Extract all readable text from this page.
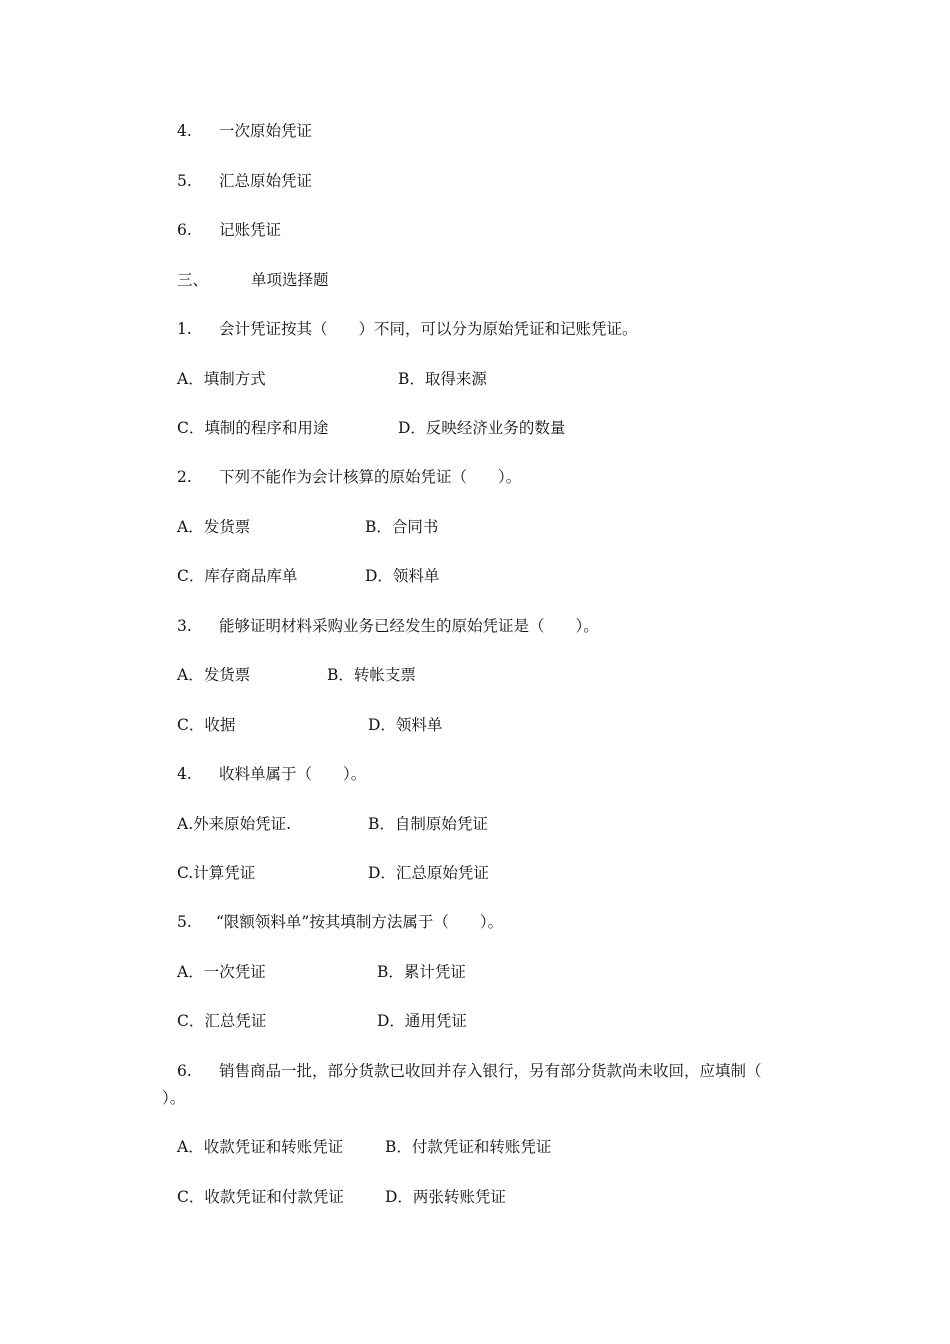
4. 一次原始凭证
5. 汇总原始凭证
6. 记账凭证
三、	单项选择题
1. 会计凭证按其（　　）不同，可以分为原始凭证和记账凭证。
A．填制方式	B．取得来源
C．填制的程序和用途	D．反映经济业务的数量
2. 下列不能作为会计核算的原始凭证（　　）。
A．发货票	B．合同书
C．库存商品库单	D．领料单
3. 能够证明材料采购业务已经发生的原始凭证是（　　）。
A．发货票	B．转帐支票
C．收据	D．领料单
4. 收料单属于（　　）。
A.外来原始凭证.	B．自制原始凭证
C.计算凭证	D．汇总原始凭证
5. “限额领料单”按其填制方法属于（　　）。
A．一次凭证	B．累计凭证
C．汇总凭证	D．通用凭证
6. 销售商品一批，部分货款已收回并存入银行，另有部分货款尚未收回，应填制（
）。
A．收款凭证和转账凭证	B．付款凭证和转账凭证
C．收款凭证和付款凭证	D．两张转账凭证
